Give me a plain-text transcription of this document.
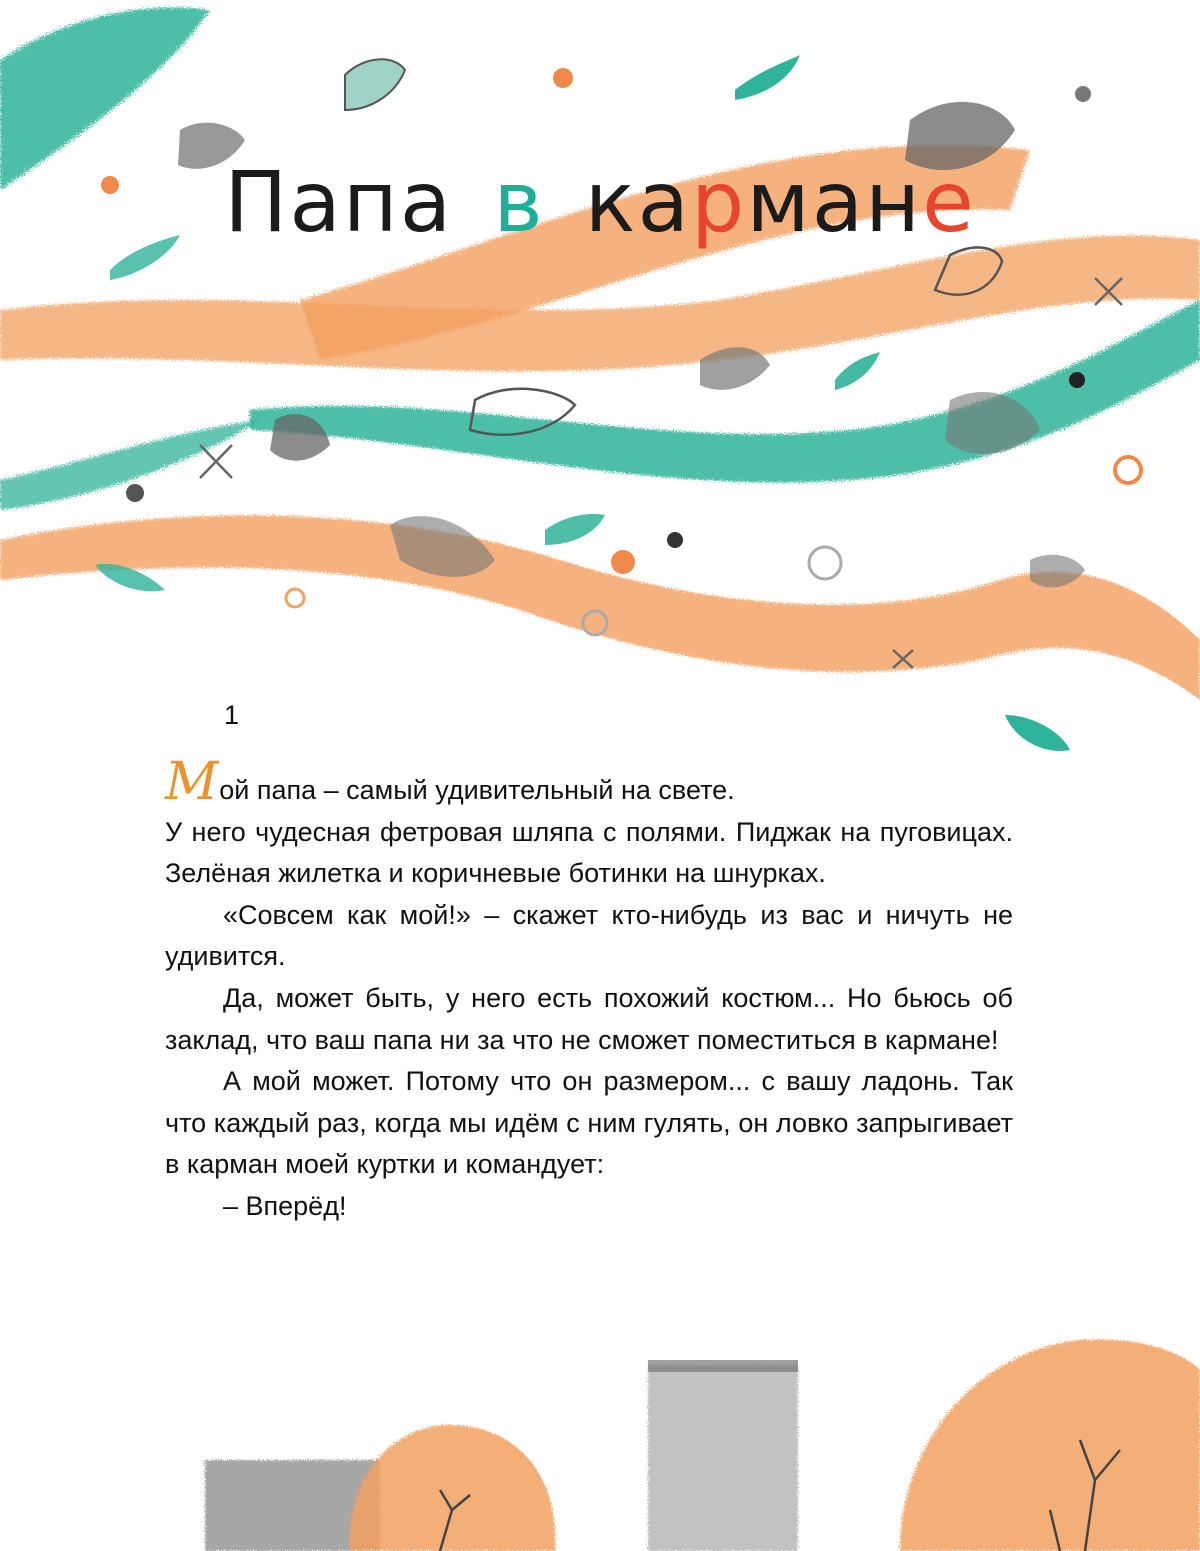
Папа в кармане
1

Мой папа – самый удивительный на свете.

У него чудесная фетровая шляпа с полями. Пиджак на пуговицах. Зелёная жилетка и коричневые ботинки на шнурках.

«Совсем как мой!» – скажет кто-нибудь из вас и ничуть не удивится.

Да, может быть, у него есть похожий костюм... Но бьюсь об заклад, что ваш папа ни за что не сможет поместиться в кармане!

А мой может. Потому что он размером... с вашу ладонь. Так что каждый раз, когда мы идём с ним гулять, он ловко запрыгивает в карман моей куртки и командует:

– Вперёд!
